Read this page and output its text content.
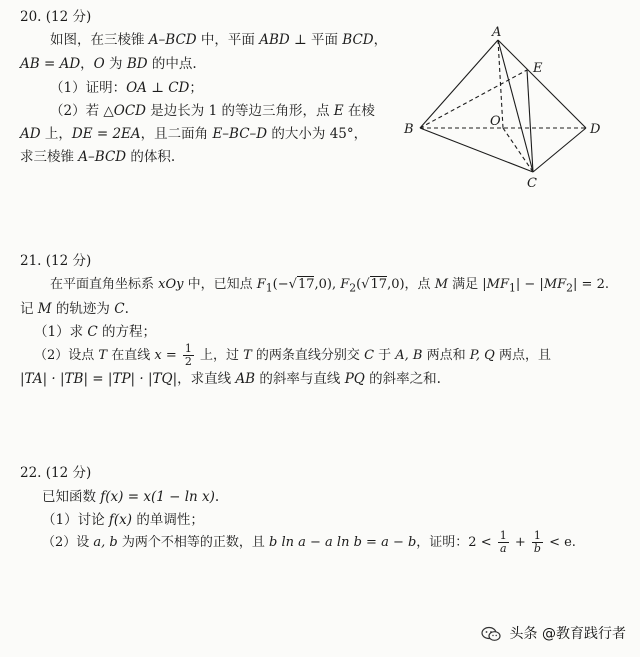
20. (12 分)
如图，在三棱锥 A–BCD 中，平面 ABD ⊥ 平面 BCD，
AB = AD，O 为 BD 的中点.
（1）证明：OA ⊥ CD；
（2）若 △OCD 是边长为 1 的等边三角形，点 E 在棱
AD 上，DE = 2EA，且二面角 E–BC–D 的大小为 45°，
求三棱锥 A–BCD 的体积.
A
E
B
O
D
C
21. (12 分)
在平面直角坐标系 xOy 中，已知点 $F_1(-√17,0)$, $F_2(√17,0)$，点 M 满足 $|MF_1| - |MF_2| = 2$.
记 M 的轨迹为 C.
（1）求 C 的方程；
（2）设点 T 在直线 $x = \frac{1}{2}$ 上，过 T 的两条直线分别交 C 于 A, B 两点和 P, Q 两点，且
|TA| · |TB| = |TP| · |TQ|，求直线 AB 的斜率与直线 PQ 的斜率之和.
22. (12 分)
已知函数 f(x) = x(1 − ln x).
（1）讨论 f(x) 的单调性；
（2）设 a, b 为两个不相等的正数，且 b ln a − a ln b = a − b，证明：$2 < \frac{1}{a} + \frac{1}{b} < e$.
头条 @教育践行者
